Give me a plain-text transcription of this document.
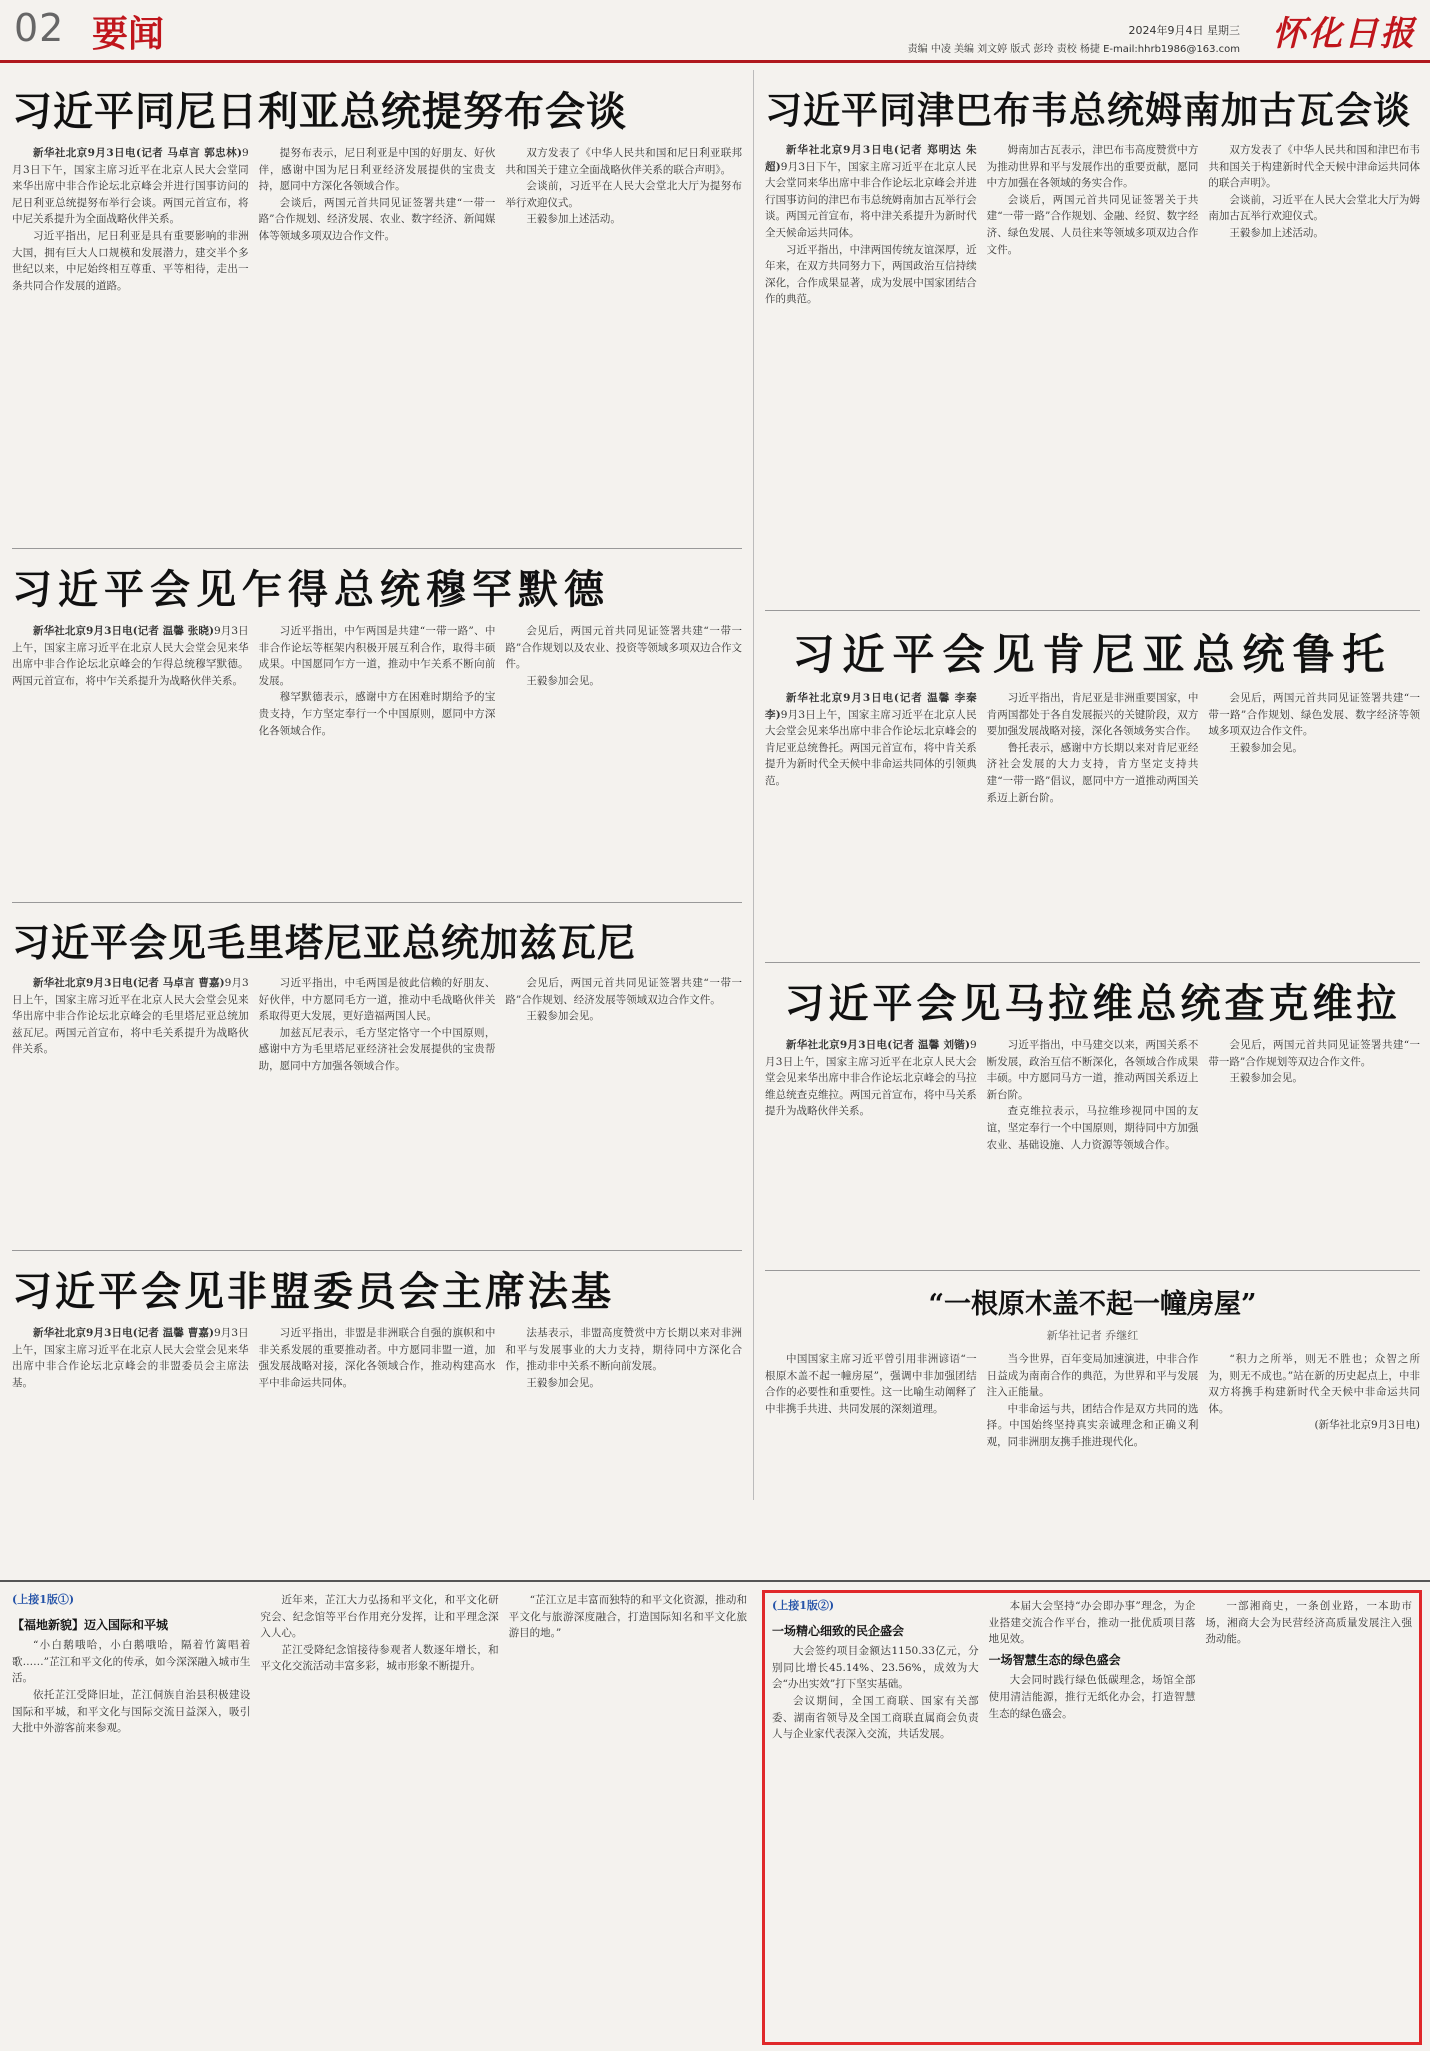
02 要闻	2024年9月4日 星期三
责编 中凌 美编 刘文婷 版式 彭玲 责校 杨捷 E-mail:hhrb1986@163.com 怀化日报
习近平同尼日利亚总统提努布会谈

新华社北京9月3日电(记者 马卓言 郭忠林)9月3日下午，国家主席习近平在北京人民大会堂同来华出席中非合作论坛北京峰会并进行国事访问的尼日利亚总统提努布举行会谈。两国元首宣布，将中尼关系提升为全面战略伙伴关系。

习近平指出，尼日利亚是具有重要影响的非洲大国，拥有巨大人口规模和发展潜力，建交半个多世纪以来，中尼始终相互尊重、平等相待，走出一条共同合作发展的道路。

提努布表示，尼日利亚是中国的好朋友、好伙伴，感谢中国为尼日利亚经济发展提供的宝贵支持，愿同中方深化各领域合作。

会谈后，两国元首共同见证签署共建“一带一路”合作规划、经济发展、农业、数字经济、新闻媒体等领域多项双边合作文件。

双方发表了《中华人民共和国和尼日利亚联邦共和国关于建立全面战略伙伴关系的联合声明》。

会谈前，习近平在人民大会堂北大厅为提努布举行欢迎仪式。

王毅参加上述活动。

习近平同津巴布韦总统姆南加古瓦会谈

新华社北京9月3日电(记者 郑明达 朱超)9月3日下午，国家主席习近平在北京人民大会堂同来华出席中非合作论坛北京峰会并进行国事访问的津巴布韦总统姆南加古瓦举行会谈。两国元首宣布，将中津关系提升为新时代全天候命运共同体。

习近平指出，中津两国传统友谊深厚，近年来，在双方共同努力下，两国政治互信持续深化，合作成果显著，成为发展中国家团结合作的典范。

姆南加古瓦表示，津巴布韦高度赞赏中方为推动世界和平与发展作出的重要贡献，愿同中方加强在各领域的务实合作。

会谈后，两国元首共同见证签署关于共建“一带一路”合作规划、金融、经贸、数字经济、绿色发展、人员往来等领域多项双边合作文件。

双方发表了《中华人民共和国和津巴布韦共和国关于构建新时代全天候中津命运共同体的联合声明》。

会谈前，习近平在人民大会堂北大厅为姆南加古瓦举行欢迎仪式。

王毅参加上述活动。

习近平会见乍得总统穆罕默德

新华社北京9月3日电(记者 温馨 张晓)9月3日上午，国家主席习近平在北京人民大会堂会见来华出席中非合作论坛北京峰会的乍得总统穆罕默德。两国元首宣布，将中乍关系提升为战略伙伴关系。

习近平指出，中乍两国是共建“一带一路”、中非合作论坛等框架内积极开展互利合作，取得丰硕成果。中国愿同乍方一道，推动中乍关系不断向前发展。

穆罕默德表示，感谢中方在困难时期给予的宝贵支持，乍方坚定奉行一个中国原则，愿同中方深化各领域合作。

会见后，两国元首共同见证签署共建“一带一路”合作规划以及农业、投资等领域多项双边合作文件。

王毅参加会见。

习近平会见肯尼亚总统鲁托

新华社北京9月3日电(记者 温馨 李秦李)9月3日上午，国家主席习近平在北京人民大会堂会见来华出席中非合作论坛北京峰会的肯尼亚总统鲁托。两国元首宣布，将中肯关系提升为新时代全天候中非命运共同体的引领典范。

习近平指出，肯尼亚是非洲重要国家，中肯两国都处于各自发展振兴的关键阶段，双方要加强发展战略对接，深化各领域务实合作。

鲁托表示，感谢中方长期以来对肯尼亚经济社会发展的大力支持，肯方坚定支持共建“一带一路”倡议，愿同中方一道推动两国关系迈上新台阶。

会见后，两国元首共同见证签署共建“一带一路”合作规划、绿色发展、数字经济等领域多项双边合作文件。

王毅参加会见。

习近平会见毛里塔尼亚总统加兹瓦尼

新华社北京9月3日电(记者 马卓言 曹嘉)9月3日上午，国家主席习近平在北京人民大会堂会见来华出席中非合作论坛北京峰会的毛里塔尼亚总统加兹瓦尼。两国元首宣布，将中毛关系提升为战略伙伴关系。

习近平指出，中毛两国是彼此信赖的好朋友、好伙伴，中方愿同毛方一道，推动中毛战略伙伴关系取得更大发展，更好造福两国人民。

加兹瓦尼表示，毛方坚定恪守一个中国原则，感谢中方为毛里塔尼亚经济社会发展提供的宝贵帮助，愿同中方加强各领域合作。

会见后，两国元首共同见证签署共建“一带一路”合作规划、经济发展等领域双边合作文件。

王毅参加会见。	习近平会见马拉维总统查克维拉

新华社北京9月3日电(记者 温馨 刘锴)9月3日上午，国家主席习近平在北京人民大会堂会见来华出席中非合作论坛北京峰会的马拉维总统查克维拉。两国元首宣布，将中马关系提升为战略伙伴关系。

习近平指出，中马建交以来，两国关系不断发展，政治互信不断深化，各领域合作成果丰硕。中方愿同马方一道，推动两国关系迈上新台阶。

查克维拉表示，马拉维珍视同中国的友谊，坚定奉行一个中国原则，期待同中方加强农业、基础设施、人力资源等领域合作。

会见后，两国元首共同见证签署共建“一带一路”合作规划等双边合作文件。

王毅参加会见。

习近平会见非盟委员会主席法基

新华社北京9月3日电(记者 温馨 曹嘉)9月3日上午，国家主席习近平在北京人民大会堂会见来华出席中非合作论坛北京峰会的非盟委员会主席法基。

习近平指出，非盟是非洲联合自强的旗帜和中非关系发展的重要推动者。中方愿同非盟一道，加强发展战略对接，深化各领域合作，推动构建高水平中非命运共同体。

法基表示，非盟高度赞赏中方长期以来对非洲和平与发展事业的大力支持，期待同中方深化合作，推动非中关系不断向前发展。

王毅参加会见。

“一根原木盖不起一幢房屋”
新华社记者 乔继红

中国国家主席习近平曾引用非洲谚语“一根原木盖不起一幢房屋”，强调中非加强团结合作的必要性和重要性。这一比喻生动阐释了中非携手共进、共同发展的深刻道理。

当今世界，百年变局加速演进，中非合作日益成为南南合作的典范，为世界和平与发展注入正能量。

中非命运与共，团结合作是双方共同的选择。中国始终坚持真实亲诚理念和正确义利观，同非洲朋友携手推进现代化。

“积力之所举，则无不胜也；众智之所为，则无不成也。”站在新的历史起点上，中非双方将携手构建新时代全天候中非命运共同体。

(新华社北京9月3日电)

(上接1版①)
【福地新貌】迈入国际和平城

“小白鹅哦哈，小白鹅哦哈，隔着竹篱唱着歌……”芷江和平文化的传承，如今深深融入城市生活。

依托芷江受降旧址，芷江侗族自治县积极建设国际和平城，和平文化与国际交流日益深入，吸引大批中外游客前来参观。

近年来，芷江大力弘扬和平文化，和平文化研究会、纪念馆等平台作用充分发挥，让和平理念深入人心。

芷江受降纪念馆接待参观者人数逐年增长，和平文化交流活动丰富多彩，城市形象不断提升。

“芷江立足丰富而独特的和平文化资源，推动和平文化与旅游深度融合，打造国际知名和平文化旅游目的地。”

(上接1版②)
一场精心细致的民企盛会

大会签约项目金额达1150.33亿元，分别同比增长45.14%、23.56%，成效为大会“办出实效”打下坚实基础。

会议期间，全国工商联、国家有关部委、湖南省领导及全国工商联直属商会负责人与企业家代表深入交流，共话发展。

本届大会坚持“办会即办事”理念，为企业搭建交流合作平台，推动一批优质项目落地见效。

一场智慧生态的绿色盛会

大会同时践行绿色低碳理念，场馆全部使用清洁能源，推行无纸化办会，打造智慧生态的绿色盛会。

一部湘商史，一条创业路，一本助市场，湘商大会为民营经济高质量发展注入强劲动能。
